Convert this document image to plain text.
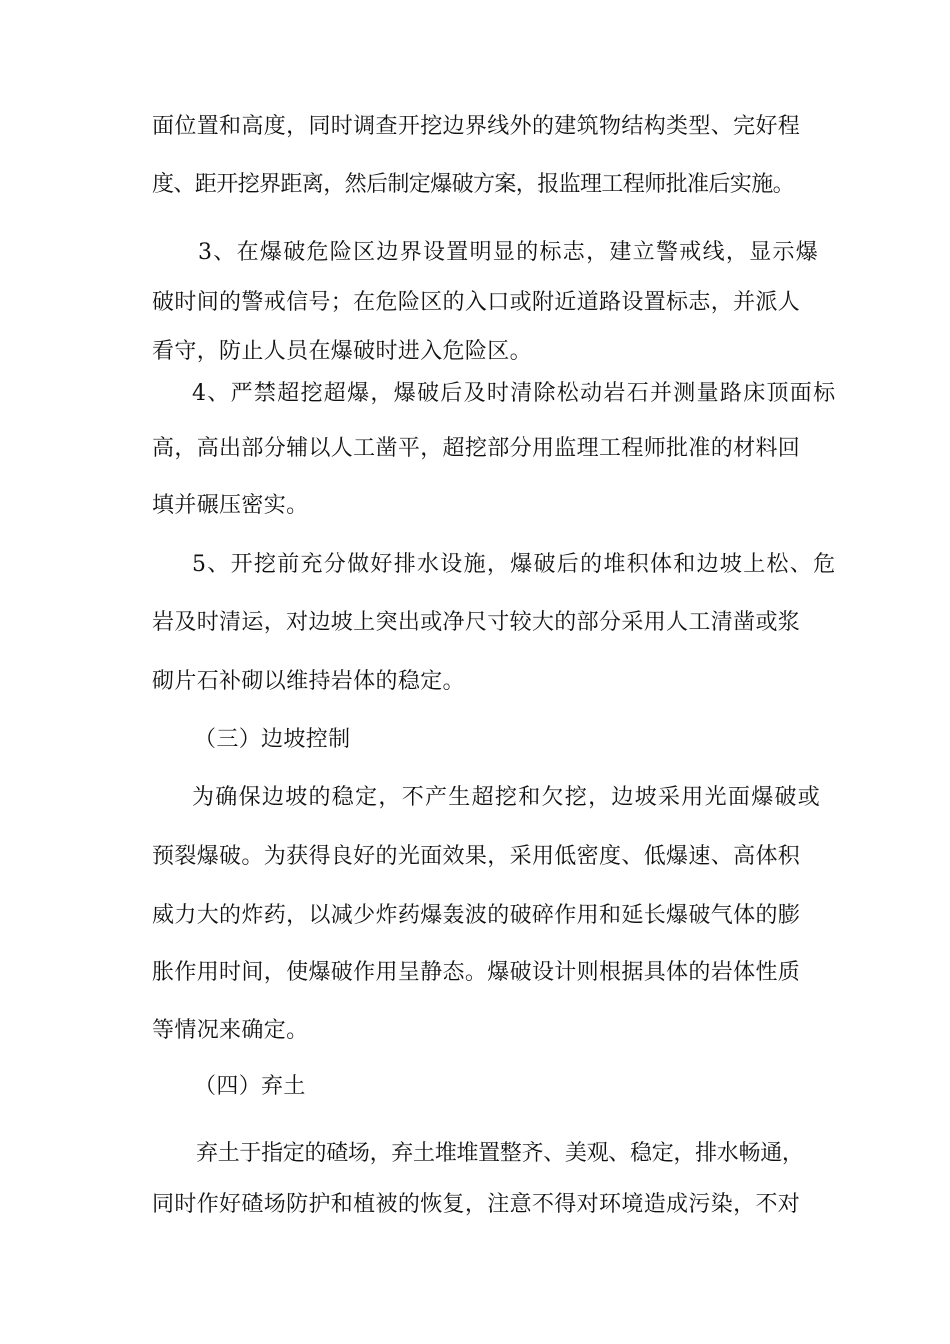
面位置和高度，同时调查开挖边界线外的建筑物结构类型、完好程
度、距开挖界距离，然后制定爆破方案，报监理工程师批准后实施。
3、在爆破危险区边界设置明显的标志，建立警戒线，显示爆
破时间的警戒信号；在危险区的入口或附近道路设置标志，并派人
看守，防止人员在爆破时进入危险区。
4、严禁超挖超爆，爆破后及时清除松动岩石并测量路床顶面标
高，高出部分辅以人工凿平，超挖部分用监理工程师批准的材料回
填并碾压密实。
5、开挖前充分做好排水设施，爆破后的堆积体和边坡上松、危
岩及时清运，对边坡上突出或净尺寸较大的部分采用人工清凿或浆
砌片石补砌以维持岩体的稳定。
（三）边坡控制
为确保边坡的稳定，不产生超挖和欠挖，边坡采用光面爆破或
预裂爆破。为获得良好的光面效果，采用低密度、低爆速、高体积
威力大的炸药，以减少炸药爆轰波的破碎作用和延长爆破气体的膨
胀作用时间，使爆破作用呈静态。爆破设计则根据具体的岩体性质
等情况来确定。
（四）弃土
弃土于指定的碴场，弃土堆堆置整齐、美观、稳定，排水畅通，
同时作好碴场防护和植被的恢复，注意不得对环境造成污染，不对
